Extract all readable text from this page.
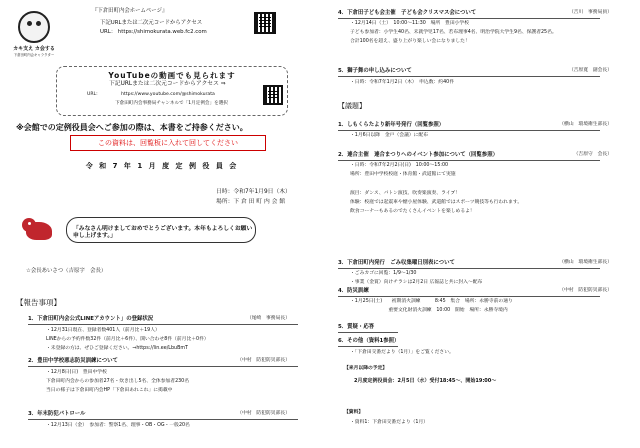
カキ支え カ会する
下倉田町内会キャラクター
『下倉田町内会ホームページ』
下記URLまたは二次元コードからアクセス
URL： https://shimokurata.web.fc2.com
YouTubeの動画でも見られます
下記URLまたは二次元コードからアクセス ⇒
URL:	https://www.youtube.com/@shimokurata
下倉田町内会事務局チャンネルで「1月定例会」を選択
※会館での定例役員会へご参加の際は、本書をご持参ください。
この資料は、回覧板に入れて回してください
令 和 7 年 1 月 度 定 例 役 員 会
日時：令和7年1月9日（木）
場所：下 倉 田 町 内 会 館
「みなさん明けましておめでとうございます。本年もよろしくお願い申し上げます。」
☆会長あいさつ（吉原宇　会長）
【報告事項】
1．下倉田町内会公式LINEアカウント」の登録状況	（尾崎　事務局長）
・12月31日現在、登録者数401人（前月比＋19人）
LINEからの予約件数32件（前月比＋6件）、開い合わせ8件（前月比＋0件）
・未登録の方は、ぜひご登録ください。⇒https://lin.ee/LbuBmT
2．豊田中学校悪志防災訓練について	（中村　防犯防災部長）
・12月8日(日)　豊田中学校
下倉田町内会からの参加者27名・炊き出し5名、全体参加者230名
当日の様子は下倉田町内会HP「下倉田あれこれ」に掲載中
3．年末防犯パトロール	（中村　防犯防災部長）
・12月13日（金）　参加者：警察1名、理事・OB・OG・一般20名
4．下倉田子ども会主催　子ども会クリスマス会について	（吉川　事務局員）
・12月14日（土）　10:00～11:30　場所　豊田小学校
子ども参加者：小学生40名、未就学児17名、若布理事4名、明治学院大学生9名、保護者25名。
合計100名を超え、盛り上がり楽しい会になりました！
5．獅子舞の申し込みについて	（吉原寛　副会長）
・日時：令和7年1月2日（木）　申込数：約40件
【議題】
1．しもくらたより新年号発行（回覧参照）	（横山　環境衛生部長）
・1月6日以降　金戸（会議）に配布
2．連合主催　連合まつりへのイベント参加について（回覧参照）	（吉原守　会長）
・日時：令和7年2月2日(日)　10:00～15:00
場所：豊田中学校校庭・体育館・武道館にて実施
演目：ダンス、バトン演技、吹奏楽演奏、ライブ！
体験：校庭では起震車や煙小屋体験、武道館ではスポーツ競技等も行われます。
飲食コーナーもあるのでたくさんイベントを楽しめるよ！
3．下倉田町内発行　ごみ収集曜日別表について	（横山　環境衛生部長）
・ごみカゴに回覧：1/9～1/30
・事業（金賞）向けチラシは2月2日 広報誌と共に封入～配布
4．防災訓練	（中村　防犯防災部長）
・1月25日(土)　　初期消火訓練　　　8:45　集合　場所：永勝寺前の通り
　　　　　　　　重要文化財消火訓練　10:00　開始　場所：永勝寺境内
5．質疑・応答
6．その他（資料1参照）
・「下倉田交番だより（1月）」をご覧ください。
【来月以降の予定】
2月度定例役員会：2月5日（水）受付18:45～、開始19:00～
【資料】
・資料1：下倉田交番だより（1月）
